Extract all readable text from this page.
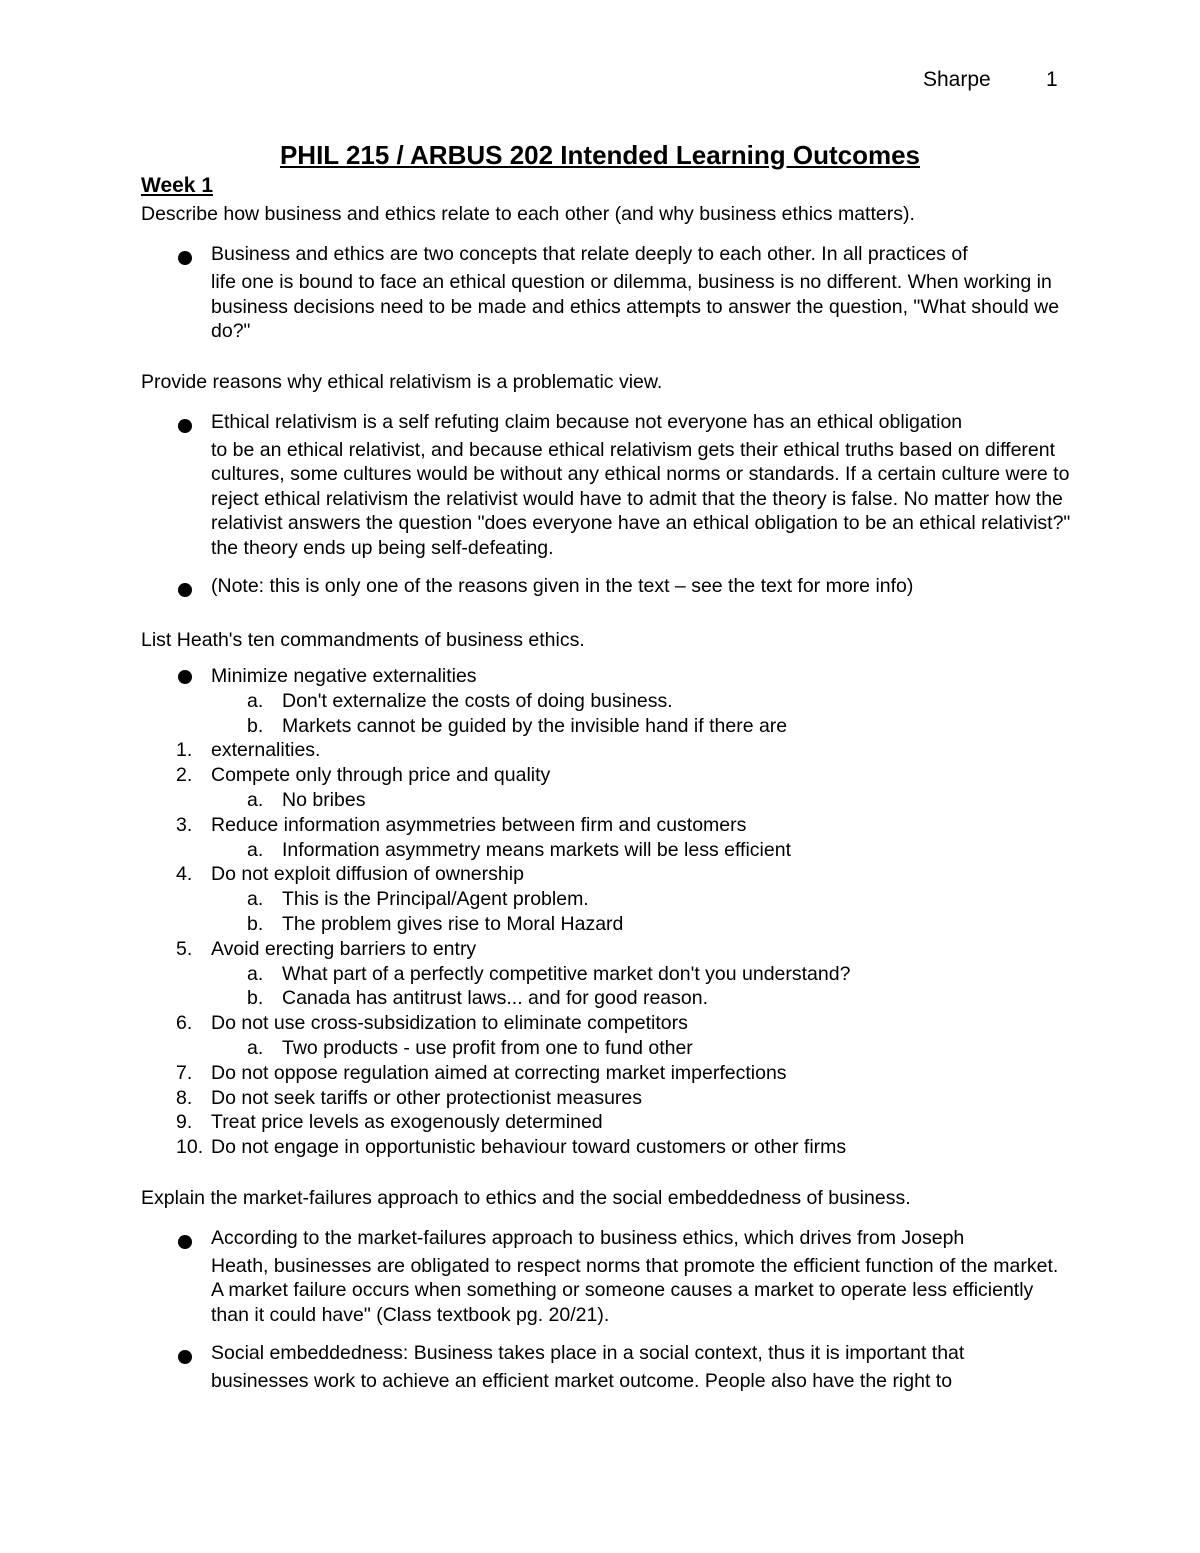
Sharpe	1
PHIL 215 / ARBUS 202 Intended Learning Outcomes
Week 1

Describe how business and ethics relate to each other (and why business ethics matters).

Business and ethics are two concepts that relate deeply to each other. In all practices of
life one is bound to face an ethical question or dilemma, business is no different. When working in business decisions need to be made and ethics attempts to answer the question, "What should we do?"

Provide reasons why ethical relativism is a problematic view.

Ethical relativism is a self refuting claim because not everyone has an ethical obligation
to be an ethical relativist, and because ethical relativism gets their ethical truths based on different cultures, some cultures would be without any ethical norms or standards. If a certain culture were to reject ethical relativism the relativist would have to admit that the theory is false. No matter how the relativist answers the question "does everyone have an ethical obligation to be an ethical relativist?" the theory ends up being self-defeating.
(Note: this is only one of the reasons given in the text – see the text for more info)

List Heath's ten commandments of business ethics.

Minimize negative externalities
a. Don't externalize the costs of doing business.
b. Markets cannot be guided by the invisible hand if there are
1. externalities.
2. Compete only through price and quality
a. No bribes
3. Reduce information asymmetries between firm and customers
a. Information asymmetry means markets will be less efficient
4. Do not exploit diffusion of ownership
a. This is the Principal/Agent problem.
b. The problem gives rise to Moral Hazard
5. Avoid erecting barriers to entry
a. What part of a perfectly competitive market don't you understand?
b. Canada has antitrust laws... and for good reason.
6. Do not use cross-subsidization to eliminate competitors
a. Two products - use profit from one to fund other
7. Do not oppose regulation aimed at correcting market imperfections
8. Do not seek tariffs or other protectionist measures
9. Treat price levels as exogenously determined
10. Do not engage in opportunistic behaviour toward customers or other firms

Explain the market-failures approach to ethics and the social embeddedness of business.

According to the market-failures approach to business ethics, which drives from Joseph
Heath, businesses are obligated to respect norms that promote the efficient function of the market. A market failure occurs when something or someone causes a market to operate less efficiently than it could have" (Class textbook pg. 20/21).
Social embeddedness: Business takes place in a social context, thus it is important that
businesses work to achieve an efficient market outcome. People also have the right to
